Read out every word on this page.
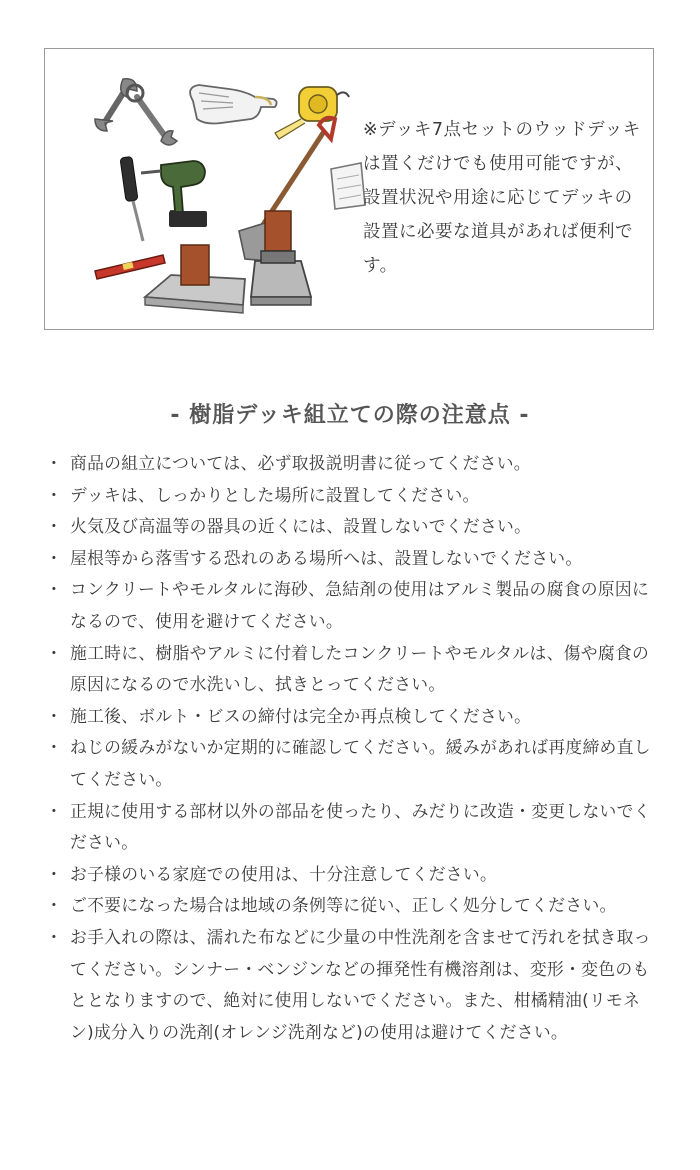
※デッキ7点セットのウッドデッキは置くだけでも使用可能ですが、設置状況や用途に応じてデッキの設置に必要な道具があれば便利です。
- 樹脂デッキ組立ての際の注意点 -
・ 商品の組立については、必ず取扱説明書に従ってください。
・ デッキは、しっかりとした場所に設置してください。
・ 火気及び高温等の器具の近くには、設置しないでください。
・ 屋根等から落雪する恐れのある場所へは、設置しないでください。
・ コンクリートやモルタルに海砂、急結剤の使用はアルミ製品の腐食の原因になるので、使用を避けてください。
・ 施工時に、樹脂やアルミに付着したコンクリートやモルタルは、傷や腐食の原因になるので水洗いし、拭きとってください。
・ 施工後、ボルト・ビスの締付は完全か再点検してください。
・ ねじの緩みがないか定期的に確認してください。緩みがあれば再度締め直してください。
・ 正規に使用する部材以外の部品を使ったり、みだりに改造・変更しないでください。
・ お子様のいる家庭での使用は、十分注意してください。
・ ご不要になった場合は地域の条例等に従い、正しく処分してください。
・ お手入れの際は、濡れた布などに少量の中性洗剤を含ませて汚れを拭き取ってください。シンナー・ベンジンなどの揮発性有機溶剤は、変形・変色のもととなりますので、絶対に使用しないでください。また、柑橘精油(リモネン)成分入りの洗剤(オレンジ洗剤など)の使用は避けてください。
